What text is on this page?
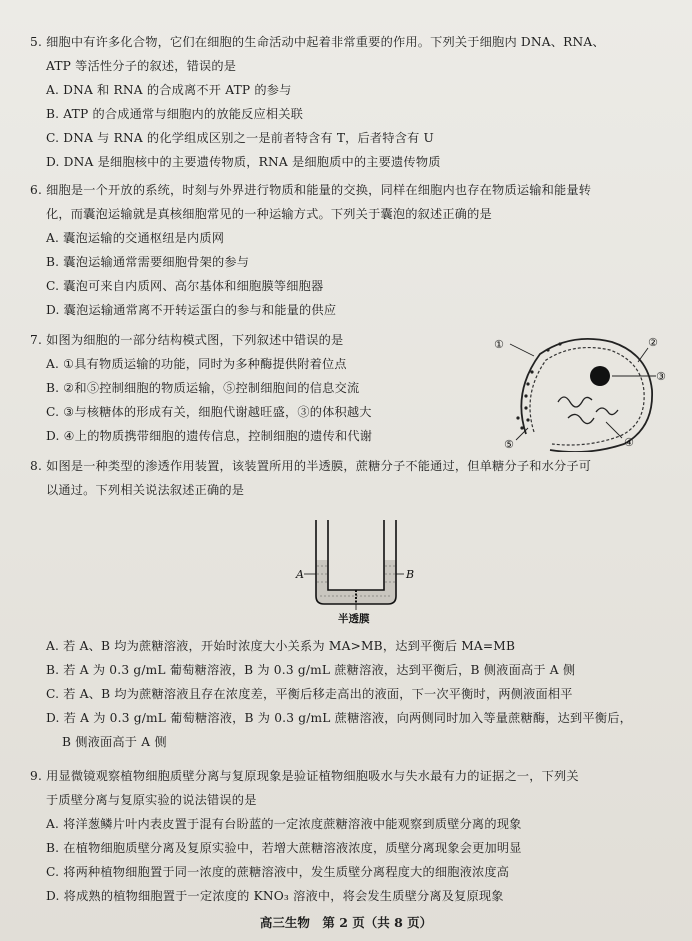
5. 细胞中有许多化合物，它们在细胞的生命活动中起着非常重要的作用。下列关于细胞内 DNA、RNA、
ATP 等活性分子的叙述，错误的是
A. DNA 和 RNA 的合成离不开 ATP 的参与
B. ATP 的合成通常与细胞内的放能反应相关联
C. DNA 与 RNA 的化学组成区别之一是前者特含有 T，后者特含有 U
D. DNA 是细胞核中的主要遗传物质，RNA 是细胞质中的主要遗传物质
6. 细胞是一个开放的系统，时刻与外界进行物质和能量的交换，同样在细胞内也存在物质运输和能量转
化，而囊泡运输就是真核细胞常见的一种运输方式。下列关于囊泡的叙述正确的是
A. 囊泡运输的交通枢纽是内质网
B. 囊泡运输通常需要细胞骨架的参与
C. 囊泡可来自内质网、高尔基体和细胞膜等细胞器
D. 囊泡运输通常离不开转运蛋白的参与和能量的供应
7. 如图为细胞的一部分结构模式图，下列叙述中错误的是
A. ①具有物质运输的功能，同时为多种酶提供附着位点
B. ②和⑤控制细胞的物质运输，⑤控制细胞间的信息交流
C. ③与核糖体的形成有关，细胞代谢越旺盛，③的体积越大
D. ④上的物质携带细胞的遗传信息，控制细胞的遗传和代谢
①	②
③
④
⑤
8. 如图是一种类型的渗透作用装置，该装置所用的半透膜，蔗糖分子不能通过，但单糖分子和水分子可
以通过。下列相关说法叙述正确的是
A	B
半透膜
A. 若 A、B 均为蔗糖溶液，开始时浓度大小关系为 MA>MB，达到平衡后 MA=MB
B. 若 A 为 0.3 g/mL 葡萄糖溶液，B 为 0.3 g/mL 蔗糖溶液，达到平衡后，B 侧液面高于 A 侧
C. 若 A、B 均为蔗糖溶液且存在浓度差，平衡后移走高出的液面，下一次平衡时，两侧液面相平
D. 若 A 为 0.3 g/mL 葡萄糖溶液，B 为 0.3 g/mL 蔗糖溶液，向两侧同时加入等量蔗糖酶，达到平衡后，
B 侧液面高于 A 侧
9. 用显微镜观察植物细胞质壁分离与复原现象是验证植物细胞吸水与失水最有力的证据之一，下列关
于质壁分离与复原实验的说法错误的是
A. 将洋葱鳞片叶内表皮置于混有台盼蓝的一定浓度蔗糖溶液中能观察到质壁分离的现象
B. 在植物细胞质壁分离及复原实验中，若增大蔗糖溶液浓度，质壁分离现象会更加明显
C. 将两种植物细胞置于同一浓度的蔗糖溶液中，发生质壁分离程度大的细胞液浓度高
D. 将成熟的植物细胞置于一定浓度的 KNO₃ 溶液中，将会发生质壁分离及复原现象
高三生物　第 2 页（共 8 页）
